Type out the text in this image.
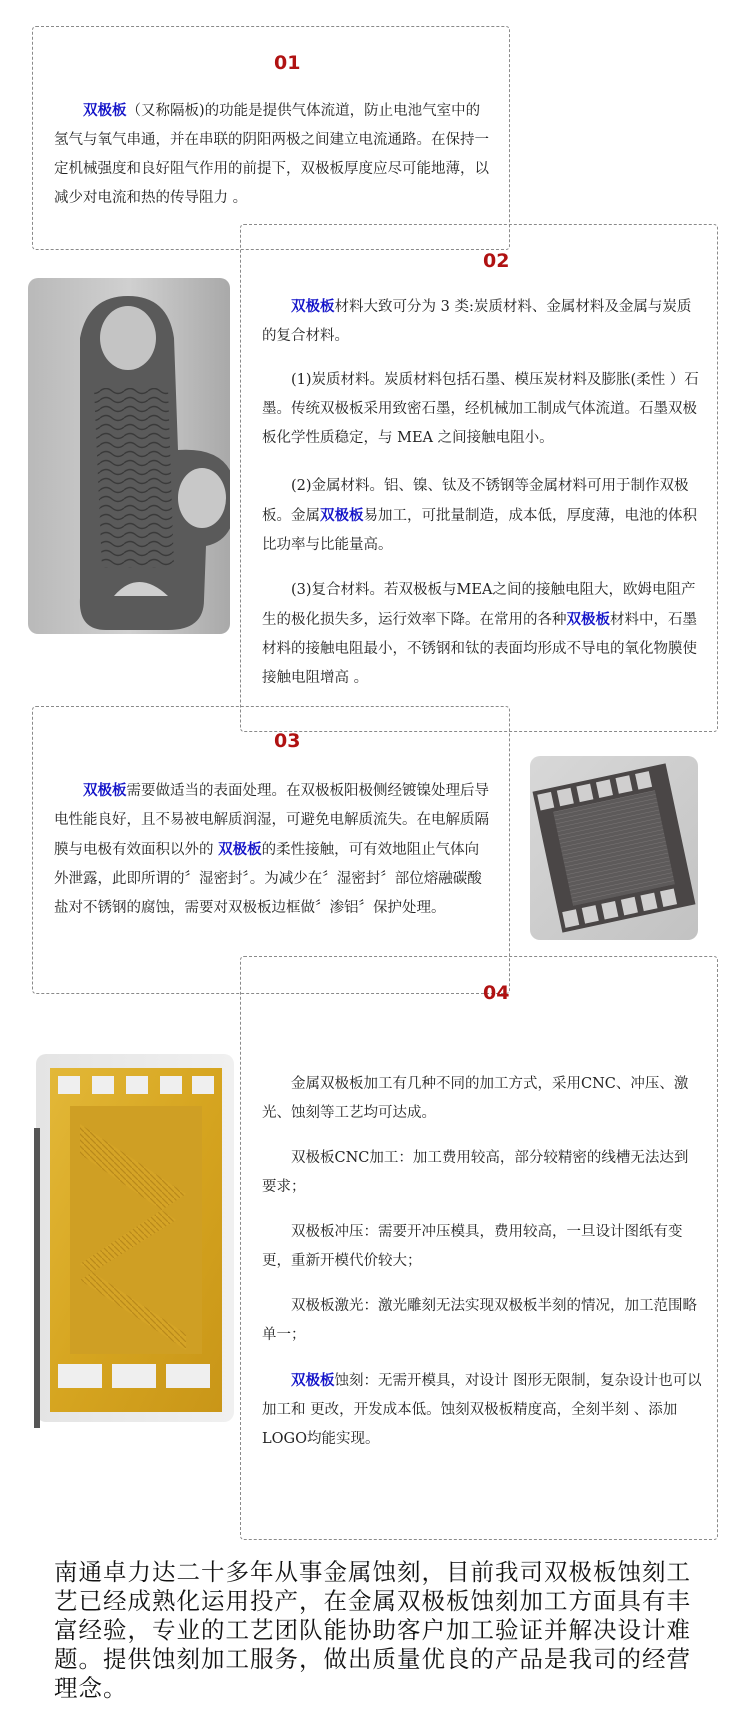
01

双极板（又称隔板)的功能是提供气体流道，防止电池气室中的氢气与氧气串通，并在串联的阴阳两极之间建立电流通路。在保持一定机械强度和良好阻气作用的前提下，双极板厚度应尽可能地薄，以减少对电流和热的传导阻力 。

02

双极板材料大致可分为 3 类:炭质材料、金属材料及金属与炭质的复合材料。

(1)炭质材料。炭质材料包括石墨、模压炭材料及膨胀(柔性 ）石墨。传统双极板采用致密石墨，经机械加工制成气体流道。石墨双极板化学性质稳定，与 MEA 之间接触电阻小。

(2)金属材料。铝、镍、钛及不锈钢等金属材料可用于制作双极板。金属双极板易加工，可批量制造，成本低，厚度薄，电池的体积比功率与比能量高。

(3)复合材料。若双极板与MEA之间的接触电阻大，欧姆电阻产生的极化损失多，运行效率下降。在常用的各种双极板材料中，石墨材料的接触电阻最小，不锈钢和钛的表面均形成不导电的氧化物膜使接触电阻增高 。

03

双极板需要做适当的表面处理。在双极板阳极侧经镀镍处理后导电性能良好，且不易被电解质润湿，可避免电解质流失。在电解质隔膜与电极有效面积以外的 双极板的柔性接触，可有效地阻止气体向外泄露，此即所谓的〞湿密封〞。为减少在〞湿密封〞部位熔融碳酸盐对不锈钢的腐蚀，需要对双极板边框做〞渗铝〞保护处理。

04

金属双极板加工有几种不同的加工方式，采用CNC、冲压、激光、蚀刻等工艺均可达成。

双极板CNC加工：加工费用较高，部分较精密的线槽无法达到要求；

双极板冲压：需要开冲压模具，费用较高，一旦设计图纸有变更，重新开模代价较大；

双极板激光：激光雕刻无法实现双极板半刻的情况，加工范围略单一；

双极板蚀刻：无需开模具，对设计 图形无限制，复杂设计也可以加工和 更改，开发成本低。蚀刻双极板精度高，全刻半刻 、添加LOGO均能实现。

南通卓力达二十多年从事金属蚀刻，目前我司双极板蚀刻工艺已经成熟化运用投产，在金属双极板蚀刻加工方面具有丰富经验，专业的工艺团队能协助客户加工验证并解决设计难题。提供蚀刻加工服务，做出质量优良的产品是我司的经营理念。
